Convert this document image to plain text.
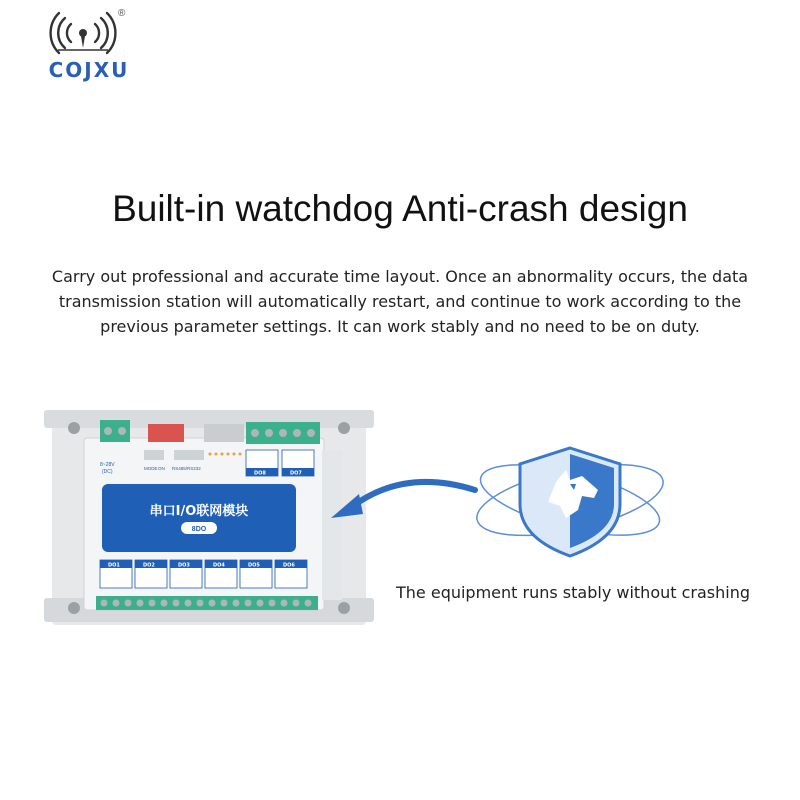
®
COJXU
Built-in watchdog Anti-crash design
Carry out professional and accurate time layout. Once an abnormality occurs, the data transmission station will automatically restart, and continue to work according to the previous parameter settings. It can work stably and no need to be on duty.
8~28V
(DC)
MODE ON RS485/RS232
DO8	DO7
串口I/O联网模块
8DO
DO1	DO2	DO3	DO4	DO5	DO6
The equipment runs stably without crashing
